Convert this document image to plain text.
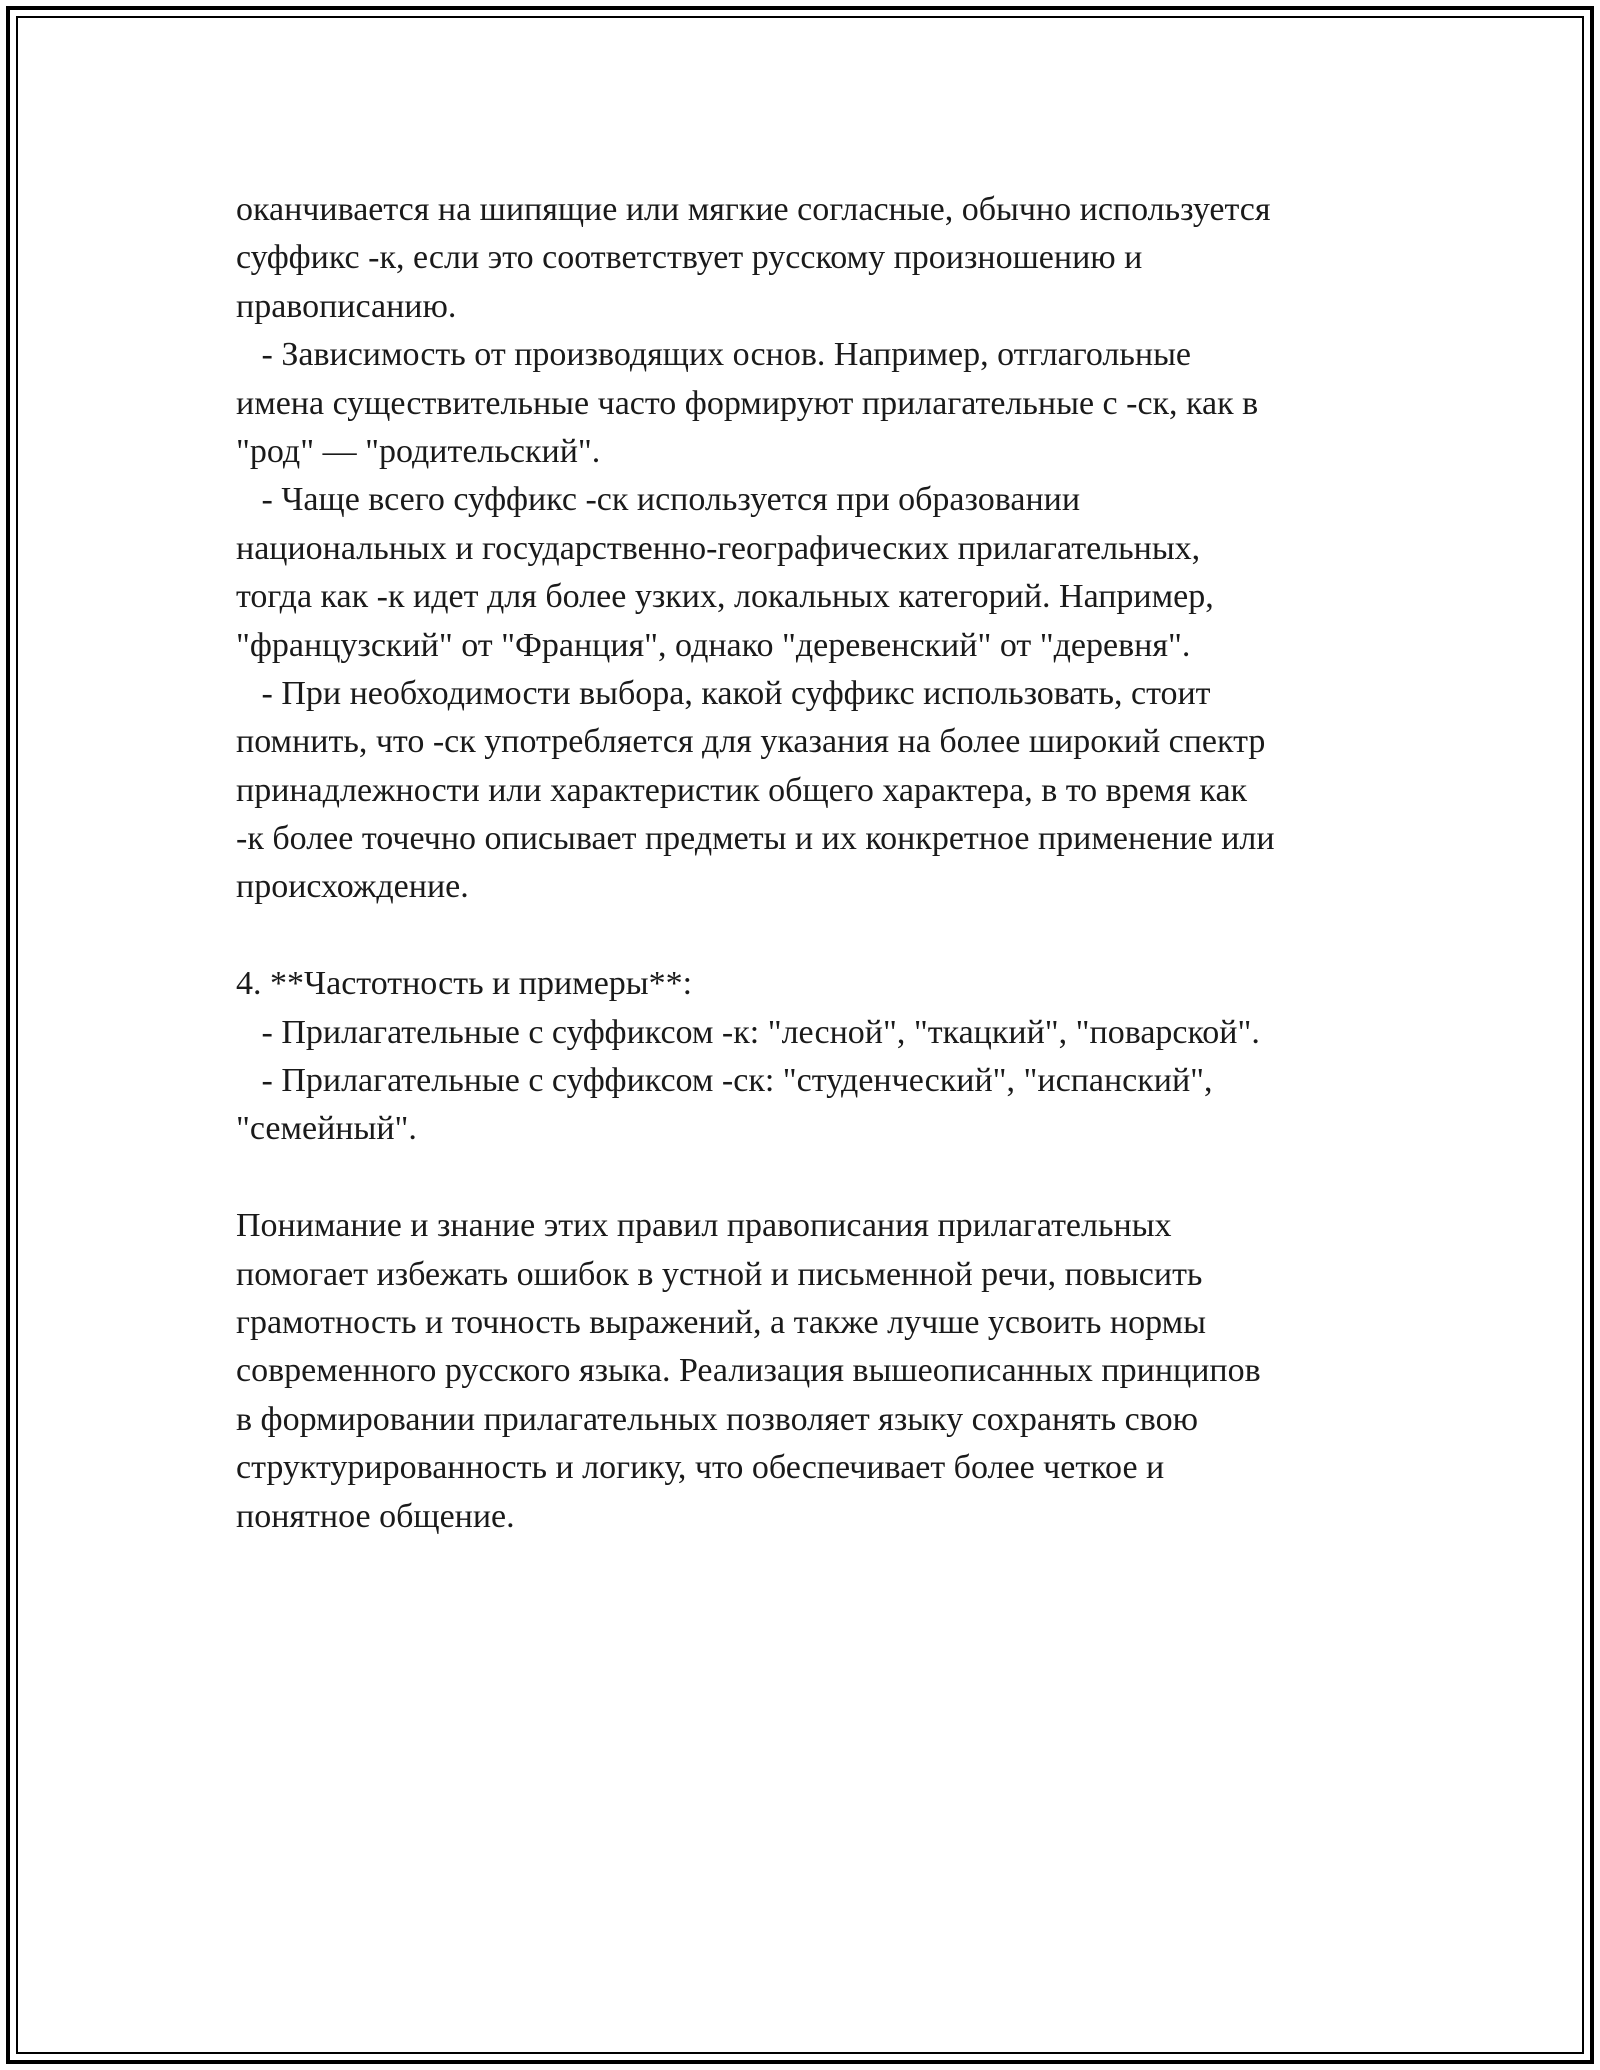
оканчивается на шипящие или мягкие согласные, обычно используется
суффикс -к, если это соответствует русскому произношению и
правописанию.
- Зависимость от производящих основ. Например, отглагольные
имена существительные часто формируют прилагательные с -ск, как в
"род" — "родительский".
- Чаще всего суффикс -ск используется при образовании
национальных и государственно-географических прилагательных,
тогда как -к идет для более узких, локальных категорий. Например,
"французский" от "Франция", однако "деревенский" от "деревня".
- При необходимости выбора, какой суффикс использовать, стоит
помнить, что -ск употребляется для указания на более широкий спектр
принадлежности или характеристик общего характера, в то время как
-к более точечно описывает предметы и их конкретное применение или
происхождение.
4. **Частотность и примеры**:
- Прилагательные с суффиксом -к: "лесной", "ткацкий", "поварской".
- Прилагательные с суффиксом -ск: "студенческий", "испанский",
"семейный".
Понимание и знание этих правил правописания прилагательных
помогает избежать ошибок в устной и письменной речи, повысить
грамотность и точность выражений, а также лучше усвоить нормы
современного русского языка. Реализация вышеописанных принципов
в формировании прилагательных позволяет языку сохранять свою
структурированность и логику, что обеспечивает более четкое и
понятное общение.
